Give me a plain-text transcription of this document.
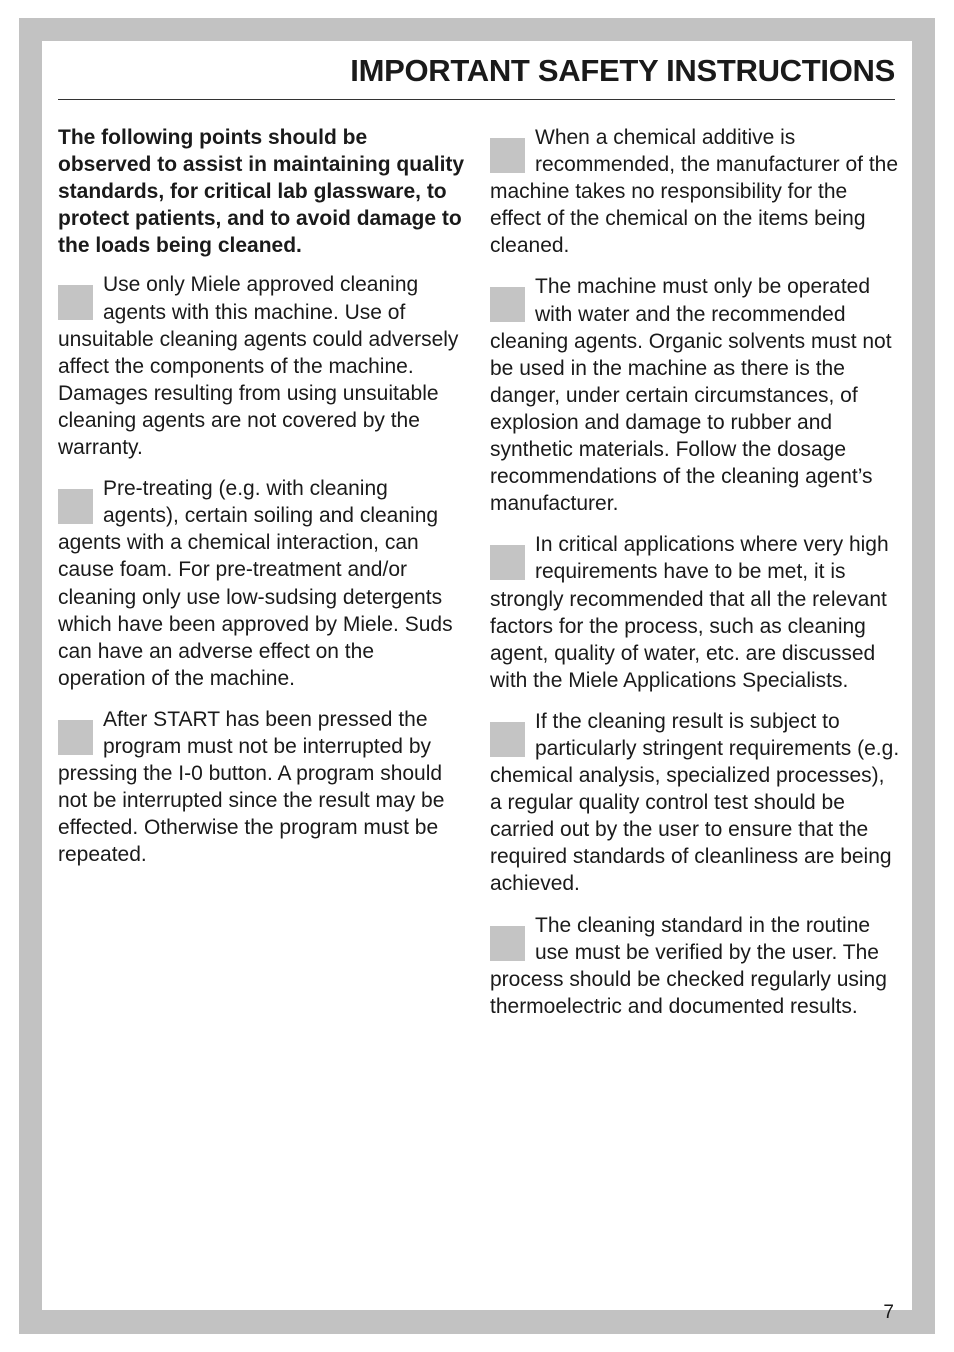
IMPORTANT SAFETY INSTRUCTIONS

The following points should be observed to assist in maintaining quality standards, for critical lab glassware, to protect patients, and to avoid damage to the loads being cleaned.

Use only Miele approved cleaning agents with this machine. Use of unsuitable cleaning agents could adversely affect the components of the machine. Damages resulting from using unsuitable cleaning agents are not covered by the warranty.
Pre-treating (e.g. with cleaning agents), certain soiling and cleaning agents with a chemical interaction, can cause foam. For pre-treatment and/or cleaning only use low-sudsing detergents which have been approved by Miele. Suds can have an adverse effect on the operation of the machine.
After START has been pressed the program must not be interrupted by pressing the I-0 button. A program should not be interrupted since the result may be effected. Otherwise the program must be repeated.
When a chemical additive is recommended, the manufacturer of the machine takes no responsibility for the effect of the chemical on the items being cleaned.
The machine must only be operated with water and the recommended cleaning agents. Organic solvents must not be used in the machine as there is the danger, under certain circumstances, of explosion and damage to rubber and synthetic materials. Follow the dosage recommendations of the cleaning agent’s manufacturer.
In critical applications where very high requirements have to be met, it is strongly recommended that all the relevant factors for the process, such as cleaning agent, quality of water, etc. are discussed with the Miele Applications Specialists.
If the cleaning result is subject to particularly stringent requirements (e.g. chemical analysis, specialized processes), a regular quality control test should be carried out by the user to ensure that the required standards of cleanliness are being achieved.
The cleaning standard in the routine use must be verified by the user. The process should be checked regularly using thermoelectric and documented results.
7
